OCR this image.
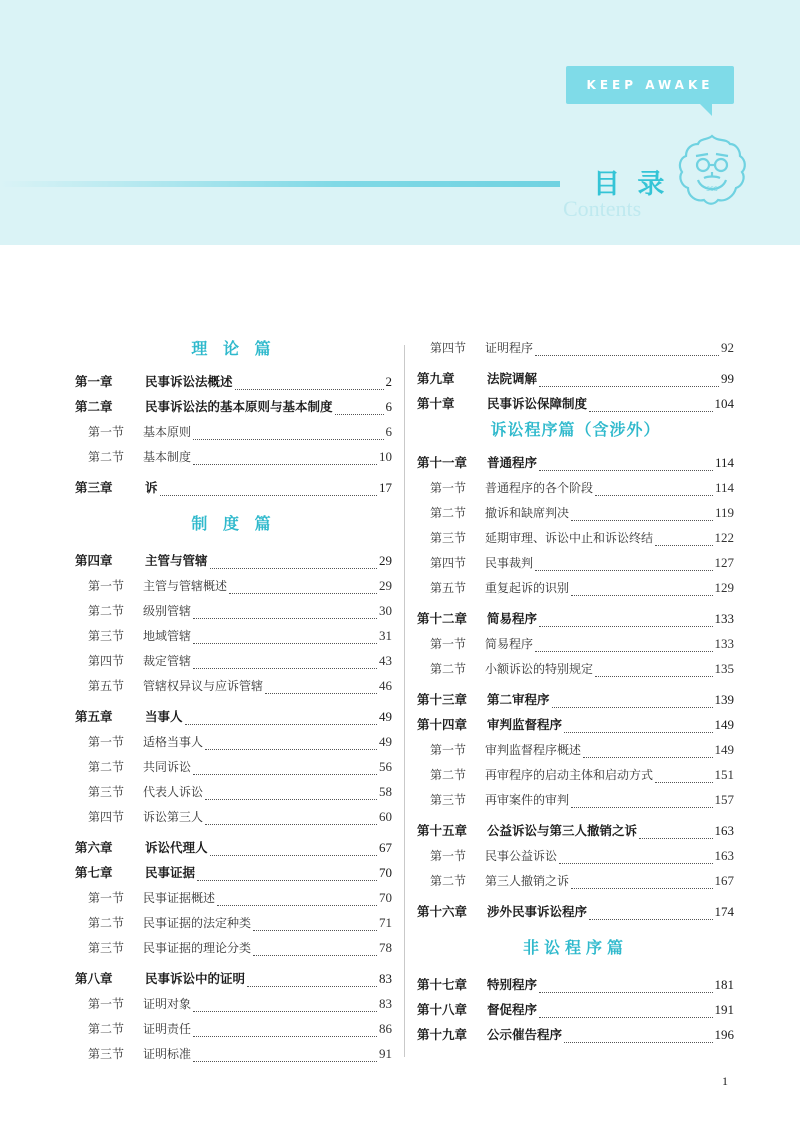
KEEP AWAKE
目 录
Contents
SSS
理 论 篇
第一章	民事诉讼法概述	2
第二章	民事诉讼法的基本原则与基本制度	6
第一节	基本原则	6
第二节	基本制度	10
第三章	诉	17
制 度 篇
第四章	主管与管辖	29
第一节	主管与管辖概述	29
第二节	级别管辖	30
第三节	地域管辖	31
第四节	裁定管辖	43
第五节	管辖权异议与应诉管辖	46
第五章	当事人	49
第一节	适格当事人	49
第二节	共同诉讼	56
第三节	代表人诉讼	58
第四节	诉讼第三人	60
第六章	诉讼代理人	67
第七章	民事证据	70
第一节	民事证据概述	70
第二节	民事证据的法定种类	71
第三节	民事证据的理论分类	78
第八章	民事诉讼中的证明	83
第一节	证明对象	83
第二节	证明责任	86
第三节	证明标准	91
第四节	证明程序	92
第九章	法院调解	99
第十章	民事诉讼保障制度	104
诉讼程序篇（含涉外）
第十一章	普通程序	114
第一节	普通程序的各个阶段	114
第二节	撤诉和缺席判决	119
第三节	延期审理、诉讼中止和诉讼终结	122
第四节	民事裁判	127
第五节	重复起诉的识别	129
第十二章	简易程序	133
第一节	简易程序	133
第二节	小额诉讼的特别规定	135
第十三章	第二审程序	139
第十四章	审判监督程序	149
第一节	审判监督程序概述	149
第二节	再审程序的启动主体和启动方式	151
第三节	再审案件的审判	157
第十五章	公益诉讼与第三人撤销之诉	163
第一节	民事公益诉讼	163
第二节	第三人撤销之诉	167
第十六章	涉外民事诉讼程序	174
非讼程序篇
第十七章	特别程序	181
第十八章	督促程序	191
第十九章	公示催告程序	196
1
